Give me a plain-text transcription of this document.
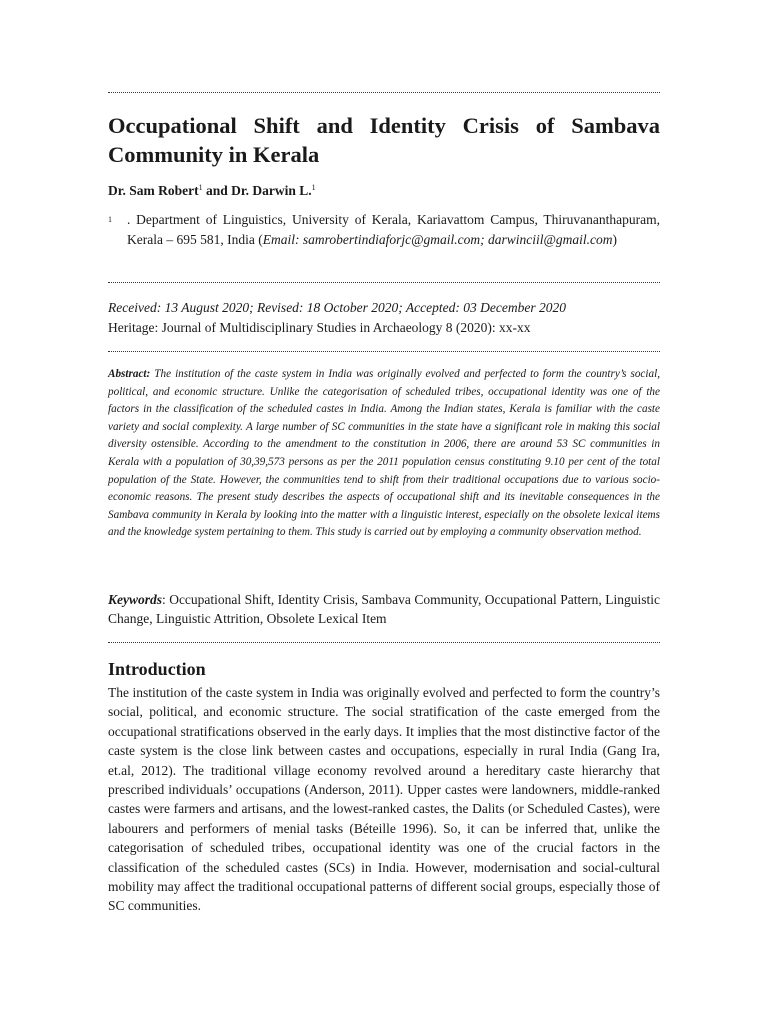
Occupational Shift and Identity Crisis of Sambava Community in Kerala

Dr. Sam Robert$^1$ and Dr. Darwin L.$^1$

$^1$ . Department of Linguistics, University of Kerala, Kariavattom Campus, Thiruvananthapuram, Kerala – 695 581, India (Email: samrobertindiaforjc@gmail.com; darwinciil@gmail.com)
Received: 13 August 2020; Revised: 18 October 2020; Accepted: 03 December 2020
Heritage: Journal of Multidisciplinary Studies in Archaeology 8 (2020): xx-xx

Abstract: The institution of the caste system in India was originally evolved and perfected to form the country’s social, political, and economic structure. Unlike the categorisation of scheduled tribes, occupational identity was one of the factors in the classification of the scheduled castes in India. Among the Indian states, Kerala is familiar with the caste variety and social complexity. A large number of SC communities in the state have a significant role in making this social diversity ostensible. According to the amendment to the constitution in 2006, there are around 53 SC communities in Kerala with a population of 30,39,573 persons as per the 2011 population census constituting 9.10 per cent of the total population of the State. However, the communities tend to shift from their traditional occupations due to various socio-economic reasons. The present study describes the aspects of occupational shift and its inevitable consequences in the Sambava community in Kerala by looking into the matter with a linguistic interest, especially on the obsolete lexical items and the knowledge system pertaining to them. This study is carried out by employing a community observation method.

Keywords: Occupational Shift, Identity Crisis, Sambava Community, Occupational Pattern, Linguistic Change, Linguistic Attrition, Obsolete Lexical Item

Introduction

The institution of the caste system in India was originally evolved and perfected to form the country’s social, political, and economic structure. The social stratification of the caste emerged from the occupational stratifications observed in the early days. It implies that the most distinctive factor of the caste system is the close link between castes and occupations, especially in rural India (Gang Ira, et.al, 2012). The traditional village economy revolved around a hereditary caste hierarchy that prescribed individuals’ occupations (Anderson, 2011). Upper castes were landowners, middle-ranked castes were farmers and artisans, and the lowest-ranked castes, the Dalits (or Scheduled Castes), were labourers and performers of menial tasks (Béteille 1996). So, it can be inferred that, unlike the categorisation of scheduled tribes, occupational identity was one of the crucial factors in the classification of the scheduled castes (SCs) in India. However, modernisation and social-cultural mobility may affect the traditional occupational patterns of different social groups, especially those of SC communities.
